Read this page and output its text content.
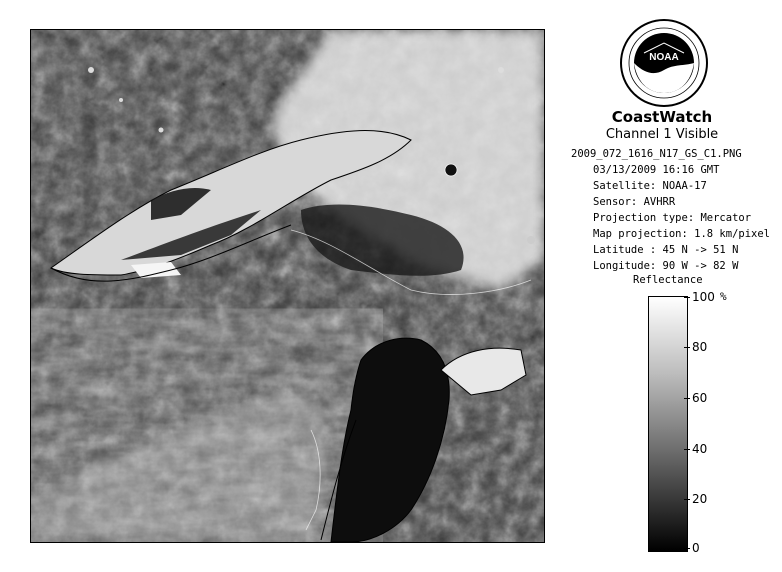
NOAA
CoastWatch
Channel 1 Visible
2009_072_1616_N17_GS_C1.PNG
03/13/2009 16:16 GMT
Satellite: NOAA-17
Sensor: AVHRR
Projection type: Mercator
Map projection: 1.8 km/pixel
Latitude : 45 N -> 51 N
Longitude: 90 W -> 82 W
Reflectance
%
100
80
60
40
20
0
